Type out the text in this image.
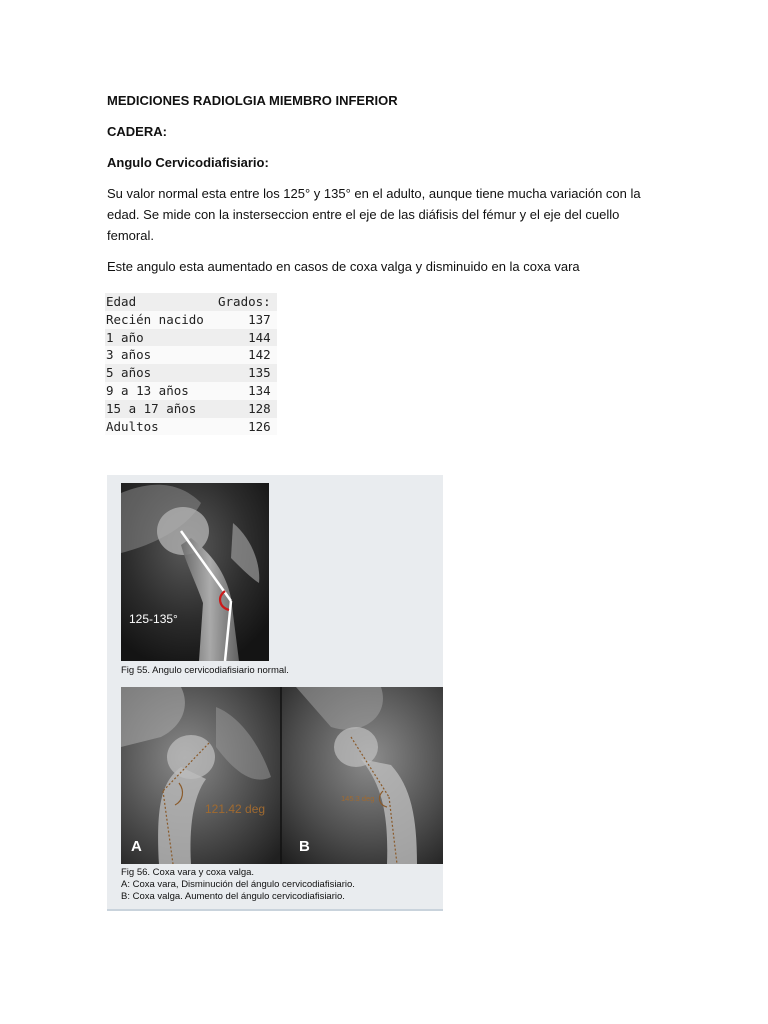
MEDICIONES RADIOLGIA MIEMBRO INFERIOR
CADERA:
Angulo Cervicodiafisiario:
Su valor normal esta entre los 125° y 135° en el adulto, aunque tiene mucha variación con la edad. Se mide con la insterseccion entre el eje de las diáfisis del fémur y el eje del cuello femoral.
Este angulo esta aumentado en casos de coxa valga y disminuido en la coxa vara
Edad	Grados:
Recién nacido	137
1 año	144
3 años	142
5 años	135
9 a 13 años	134
15 a 17 años	128
Adultos	126
125-135°
Fig 55. Angulo cervicodiafisiario normal.
121.42 deg
A
145.3 deg
B
Fig 56. Coxa vara y coxa valga.
A: Coxa vara, Disminución del ángulo cervicodiafisiario.
B: Coxa valga. Aumento del ángulo cervicodiafisiario.
